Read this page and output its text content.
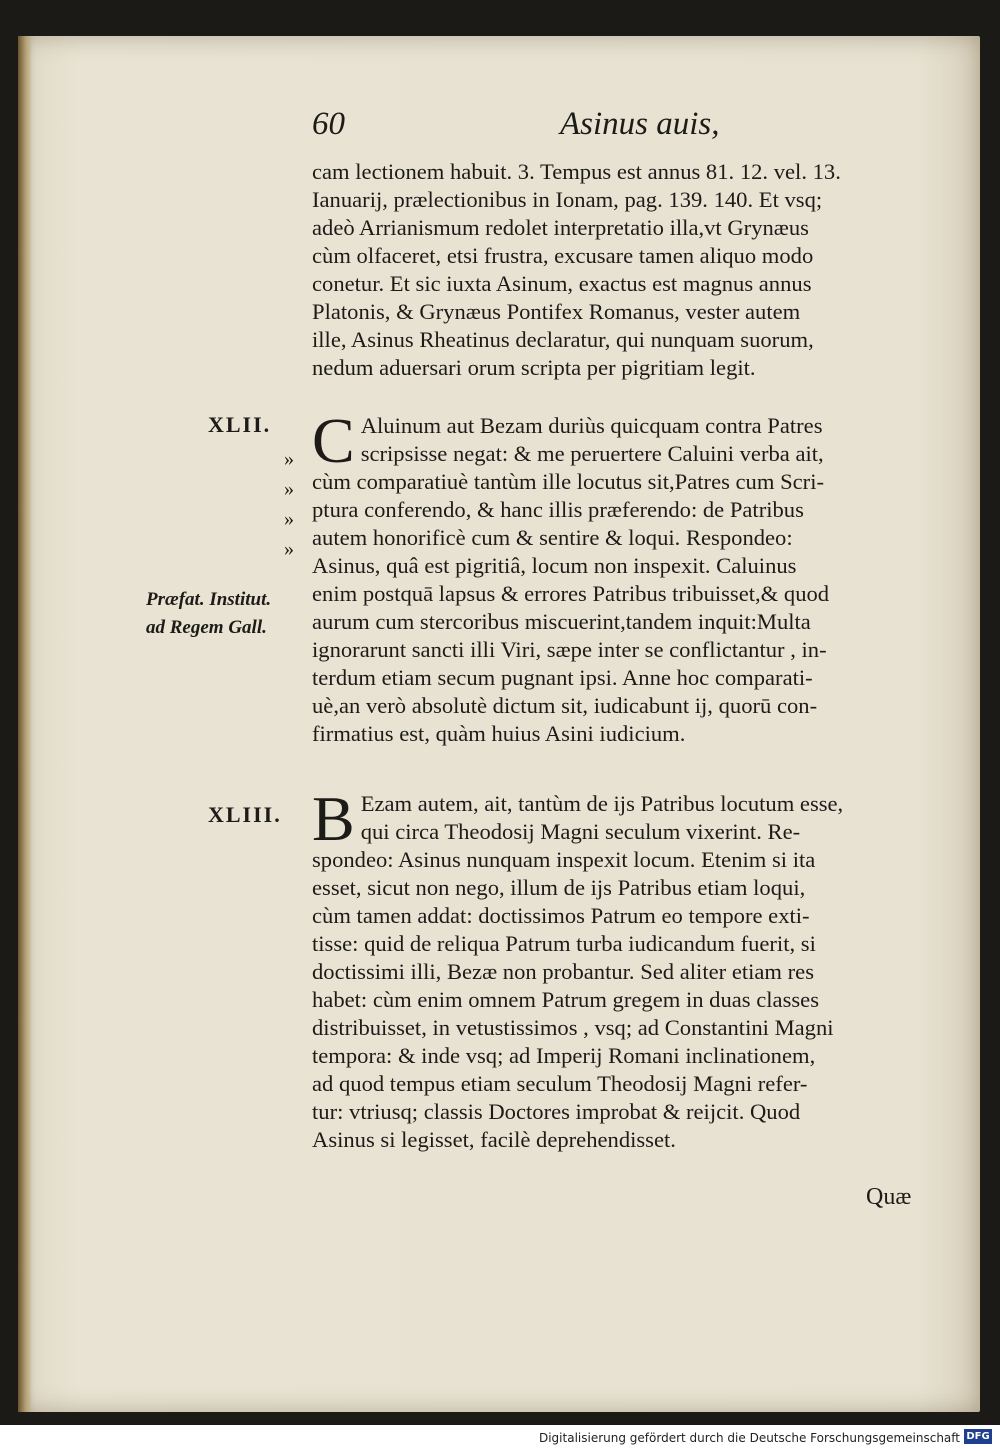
60	Asinus auis,
cam lectionem habuit. 3. Tempus est annus 81. 12. vel. 13.
Ianuarij, prælectionibus in Ionam, pag. 139. 140. Et vsq;
adeò Arrianismum redolet interpretatio illa,vt Grynæus
cùm olfaceret, etsi frustra, excusare tamen aliquo modo
conetur. Et sic iuxta Asinum, exactus est magnus annus
Platonis, & Grynæus Pontifex Romanus, vester autem
ille, Asinus Rheatinus declaratur, qui nunquam suorum,
nedum aduersari orum scripta per pigritiam legit.
XLII.
»
»
»
»
Præfat. Institut.
ad Regem Gall.
C Aluinum aut Bezam duriùs quicquam contra Patres
scripsisse negat: & me peruertere Caluini verba ait,
cùm comparatiuè tantùm ille locutus sit,Patres cum Scri-
ptura conferendo, & hanc illis præferendo: de Patribus
autem honorificè cum & sentire & loqui. Respondeo:
Asinus, quâ est pigritiâ, locum non inspexit. Caluinus
enim postquā lapsus & errores Patribus tribuisset,& quod
aurum cum stercoribus miscuerint,tandem inquit:Multa
ignorarunt sancti illi Viri, sæpe inter se conflictantur , in-
terdum etiam secum pugnant ipsi. Anne hoc comparati-
uè,an verò absolutè dictum sit, iudicabunt ij, quorū con-
firmatius est, quàm huius Asini iudicium.
XLIII. B Ezam autem, ait, tantùm de ijs Patribus locutum esse,
qui circa Theodosij Magni seculum vixerint. Re-
spondeo: Asinus nunquam inspexit locum. Etenim si ita
esset, sicut non nego, illum de ijs Patribus etiam loqui,
cùm tamen addat: doctissimos Patrum eo tempore exti-
tisse: quid de reliqua Patrum turba iudicandum fuerit, si
doctissimi illi, Bezæ non probantur. Sed aliter etiam res
habet: cùm enim omnem Patrum gregem in duas classes
distribuisset, in vetustissimos , vsq; ad Constantini Magni
tempora: & inde vsq; ad Imperij Romani inclinationem,
ad quod tempus etiam seculum Theodosij Magni refer-
tur: vtriusq; classis Doctores improbat & reijcit. Quod
Asinus si legisset, facilè deprehendisset.
Quæ
Digitalisierung gefördert durch die Deutsche Forschungsgemeinschaft DFG
